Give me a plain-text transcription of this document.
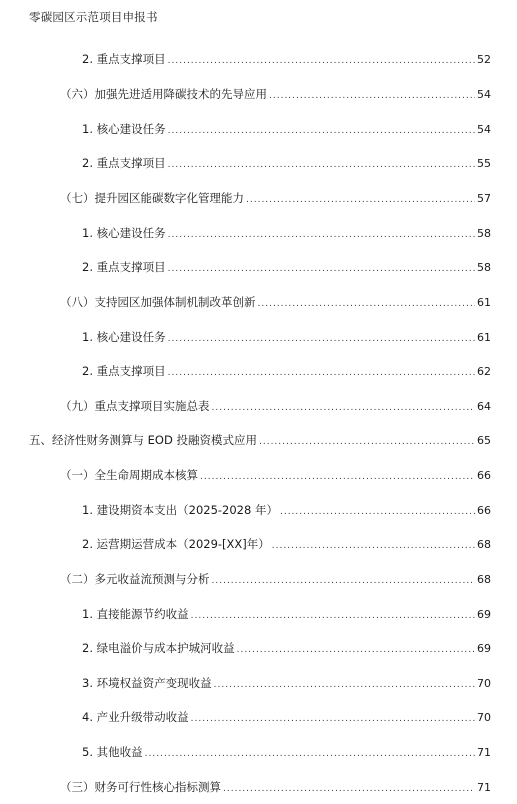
零碳园区示范项目申报书
2. 重点支撑项目 .....	52
（六）加强先进适用降碳技术的先导应用 .....	54
1. 核心建设任务 .....	54
2. 重点支撑项目 .....	55
（七）提升园区能碳数字化管理能力 .....	57
1. 核心建设任务 .....	58
2. 重点支撑项目 .....	58
（八）支持园区加强体制机制改革创新 .....	61
1. 核心建设任务 .....	61
2. 重点支撑项目 .....	62
（九）重点支撑项目实施总表 .....	64
五、经济性财务测算与 EOD 投融资模式应用 .....	65
（一）全生命周期成本核算 .....	66
1. 建设期资本支出（2025-2028 年） .....	66
2. 运营期运营成本（2029-[XX]年） .....	68
（二）多元收益流预测与分析 .....	68
1. 直接能源节约收益 .....	69
2. 绿电溢价与成本护城河收益 .....	69
3. 环境权益资产变现收益 .....	70
4. 产业升级带动收益 .....	70
5. 其他收益 .....	71
（三）财务可行性核心指标测算 .....	71
